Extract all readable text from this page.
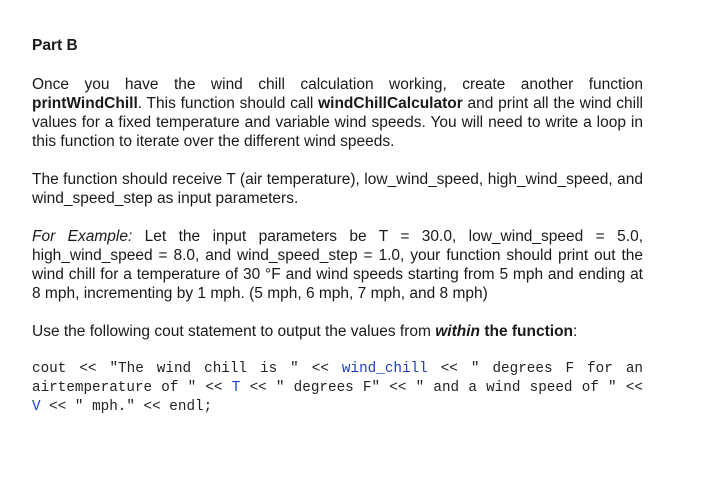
Part B

Once you have the wind chill calculation working, create another function printWindChill. This function should call windChillCalculator and print all the wind chill values for a fixed temperature and variable wind speeds. You will need to write a loop in this function to iterate over the different wind speeds.

The function should receive T (air temperature), low_wind_speed, high_wind_speed, and wind_speed_step as input parameters.

For Example: Let the input parameters be T = 30.0, low_wind_speed = 5.0, high_wind_speed = 8.0, and wind_speed_step = 1.0, your function should print out the wind chill for a temperature of 30 °F and wind speeds starting from 5 mph and ending at 8 mph, incrementing by 1 mph. (5 mph, 6 mph, 7 mph, and 8 mph)

Use the following cout statement to output the values from within the function:

cout << "The wind chill is " << wind_chill << " degrees F for an airtemperature of " << T << " degrees F" << " and a wind speed of " << V << " mph." << endl;
